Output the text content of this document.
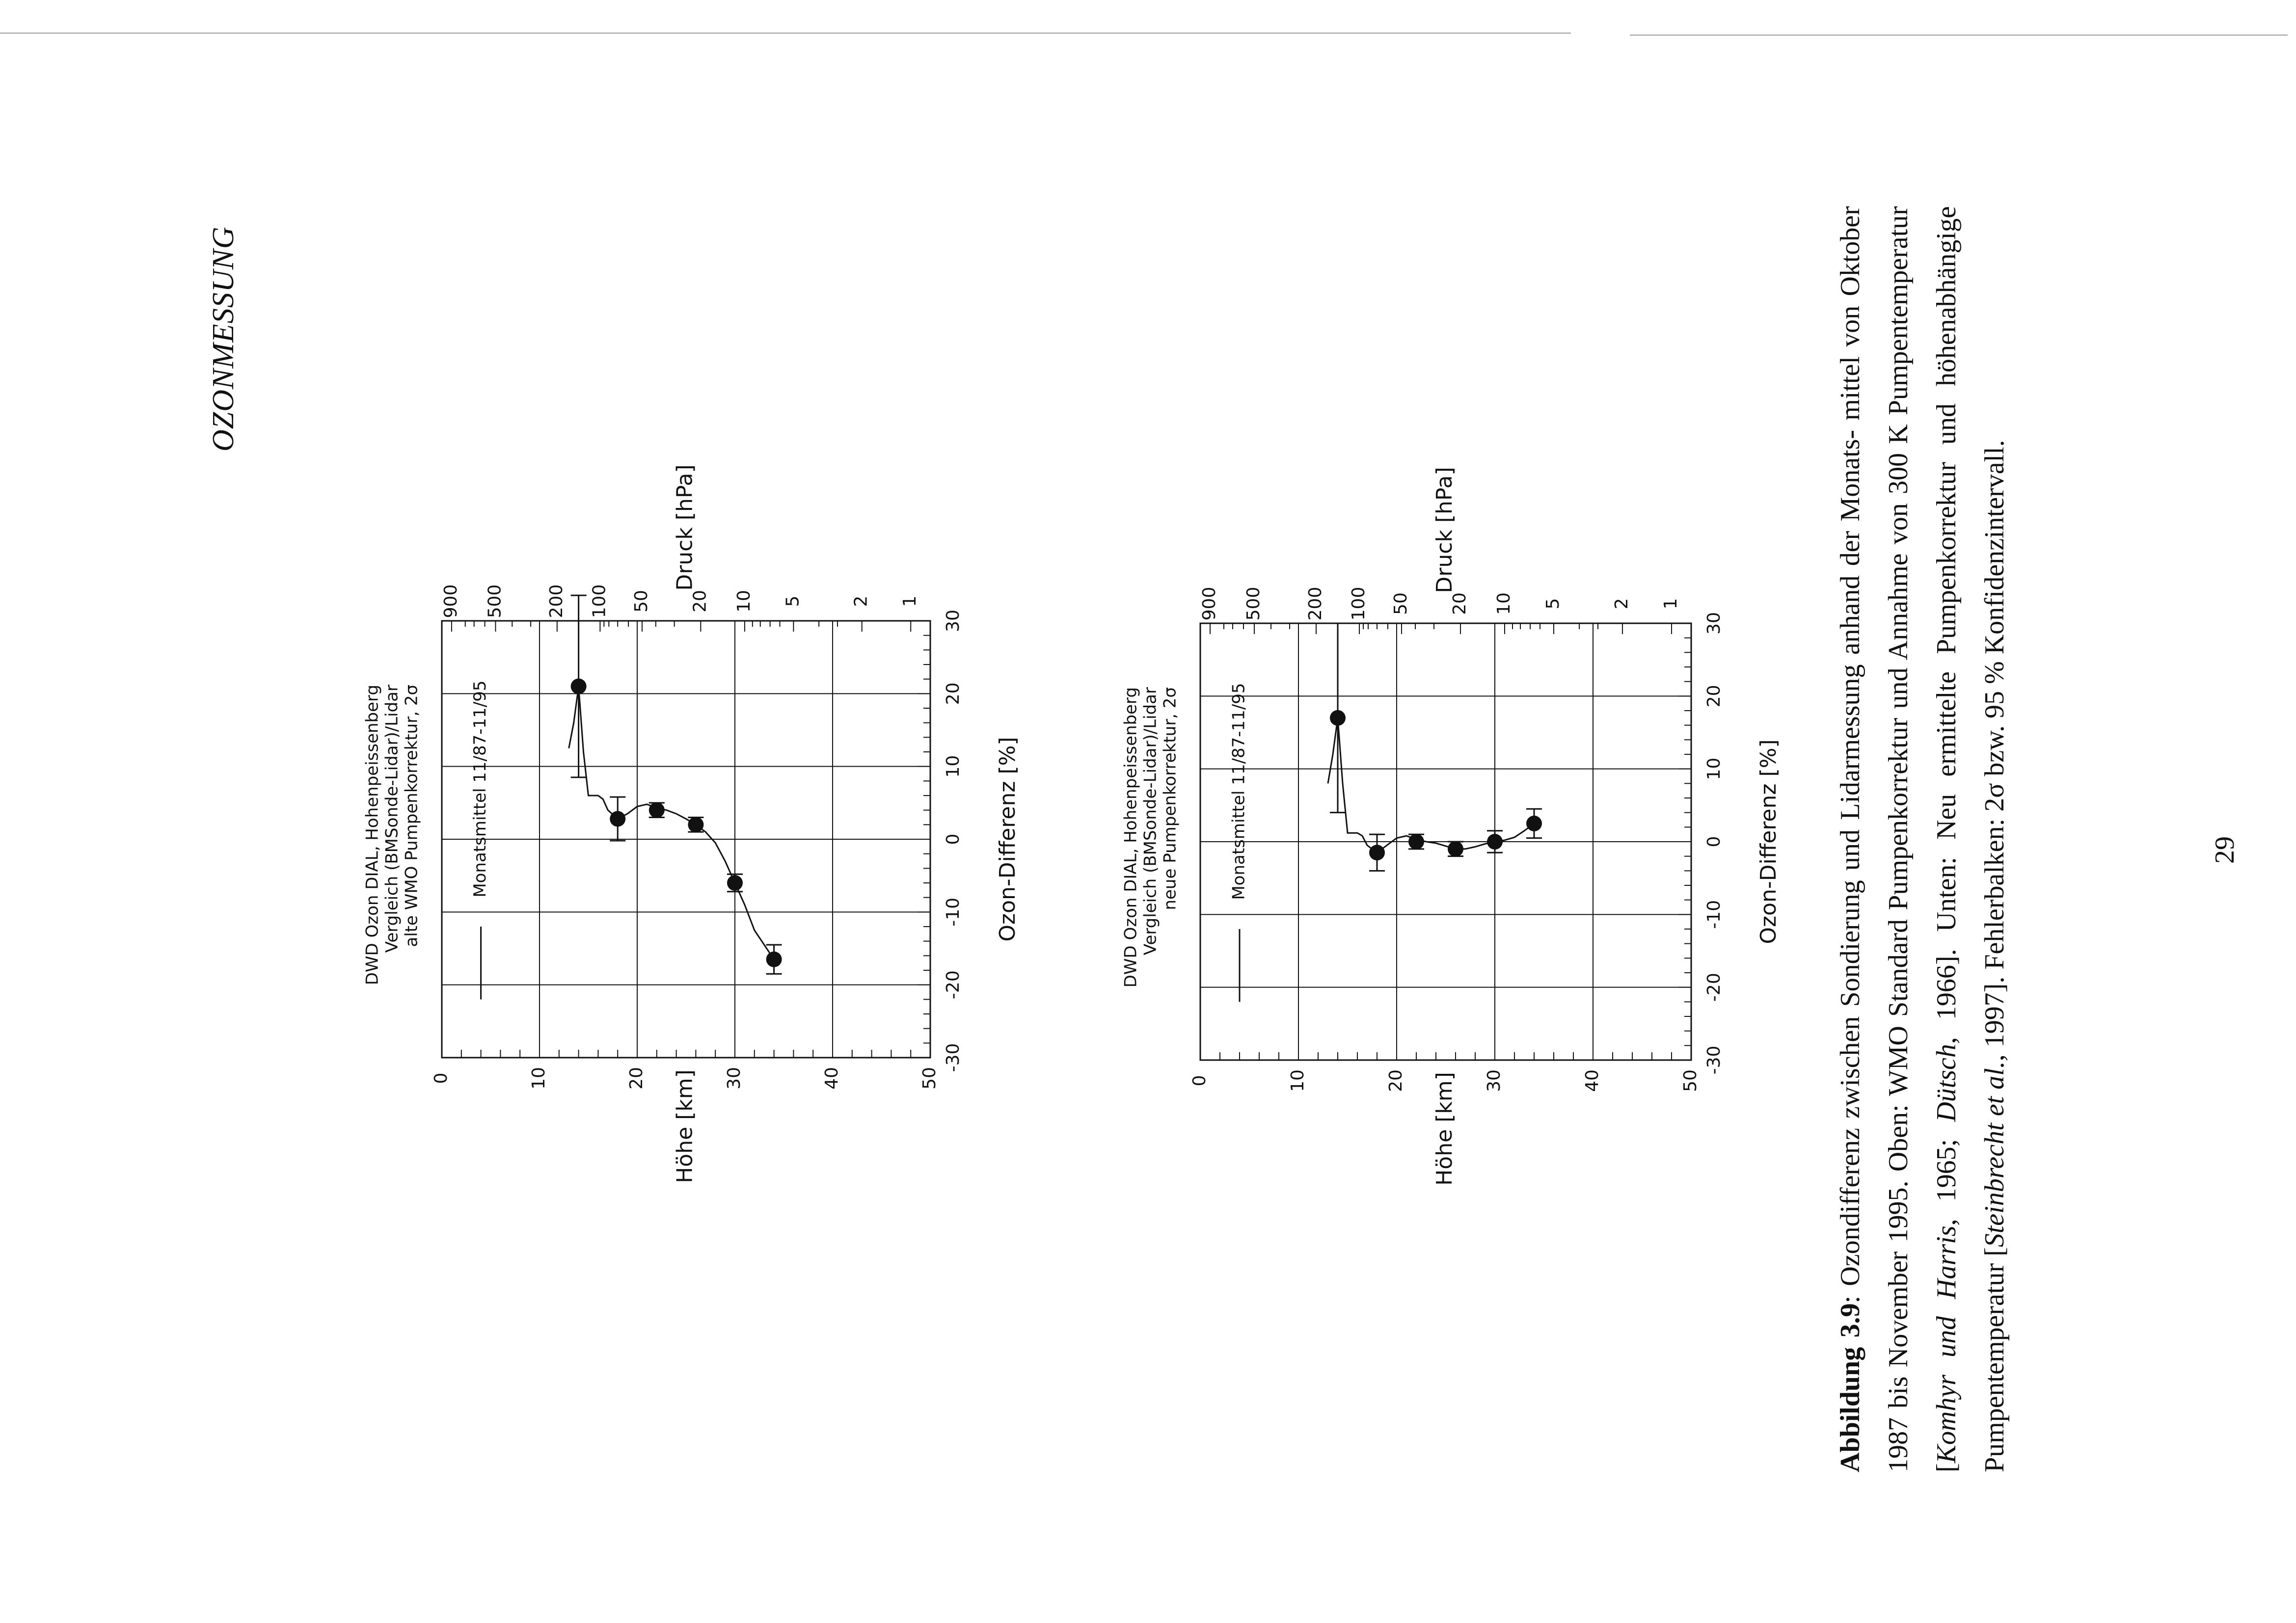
OZONMESSUNG
0	10	20	30	40	50
Höhe [km]
-30
-20
-10
0
10
20
30
Ozon-Differenz [%]
1
2
5
10
20
50
100
200
500
900
Druck [hPa]
DWD Ozon DIAL, Hohenpeissenberg Vergleich (BMSonde-Lidar)/Lidar alte WMO Pumpenkorrektur, 2σ	Monatsmittel 11/87-11/95
0	10	20	30	40	50
Höhe [km]
-30
-20
-10
0
10
20
30
Ozon-Differenz [%]
1
2
5
10
20
50
100
200
500
900
Druck [hPa]
DWD Ozon DIAL, Hohenpeissenberg Vergleich (BMSonde-Lidar)/Lidar neue Pumpenkorrektur, 2σ	Monatsmittel 11/87-11/95
Abbildung 3.9: Ozondifferenz zwischen Sondierung und Lidarmessung anhand der Monats- mittel von Oktober 1987 bis November 1995. Oben: WMO Standard Pumpenkorrektur und Annahme von 300 K Pumpentemperatur [Komhyr und Harris, 1965; Dütsch, 1966]. Unten: Neu ermittelte Pumpenkorrektur und höhenabhängige Pumpentemperatur [Steinbrecht et al., 1997]. Fehlerbalken: 2σ bzw. 95 % Konfidenzintervall.	29
